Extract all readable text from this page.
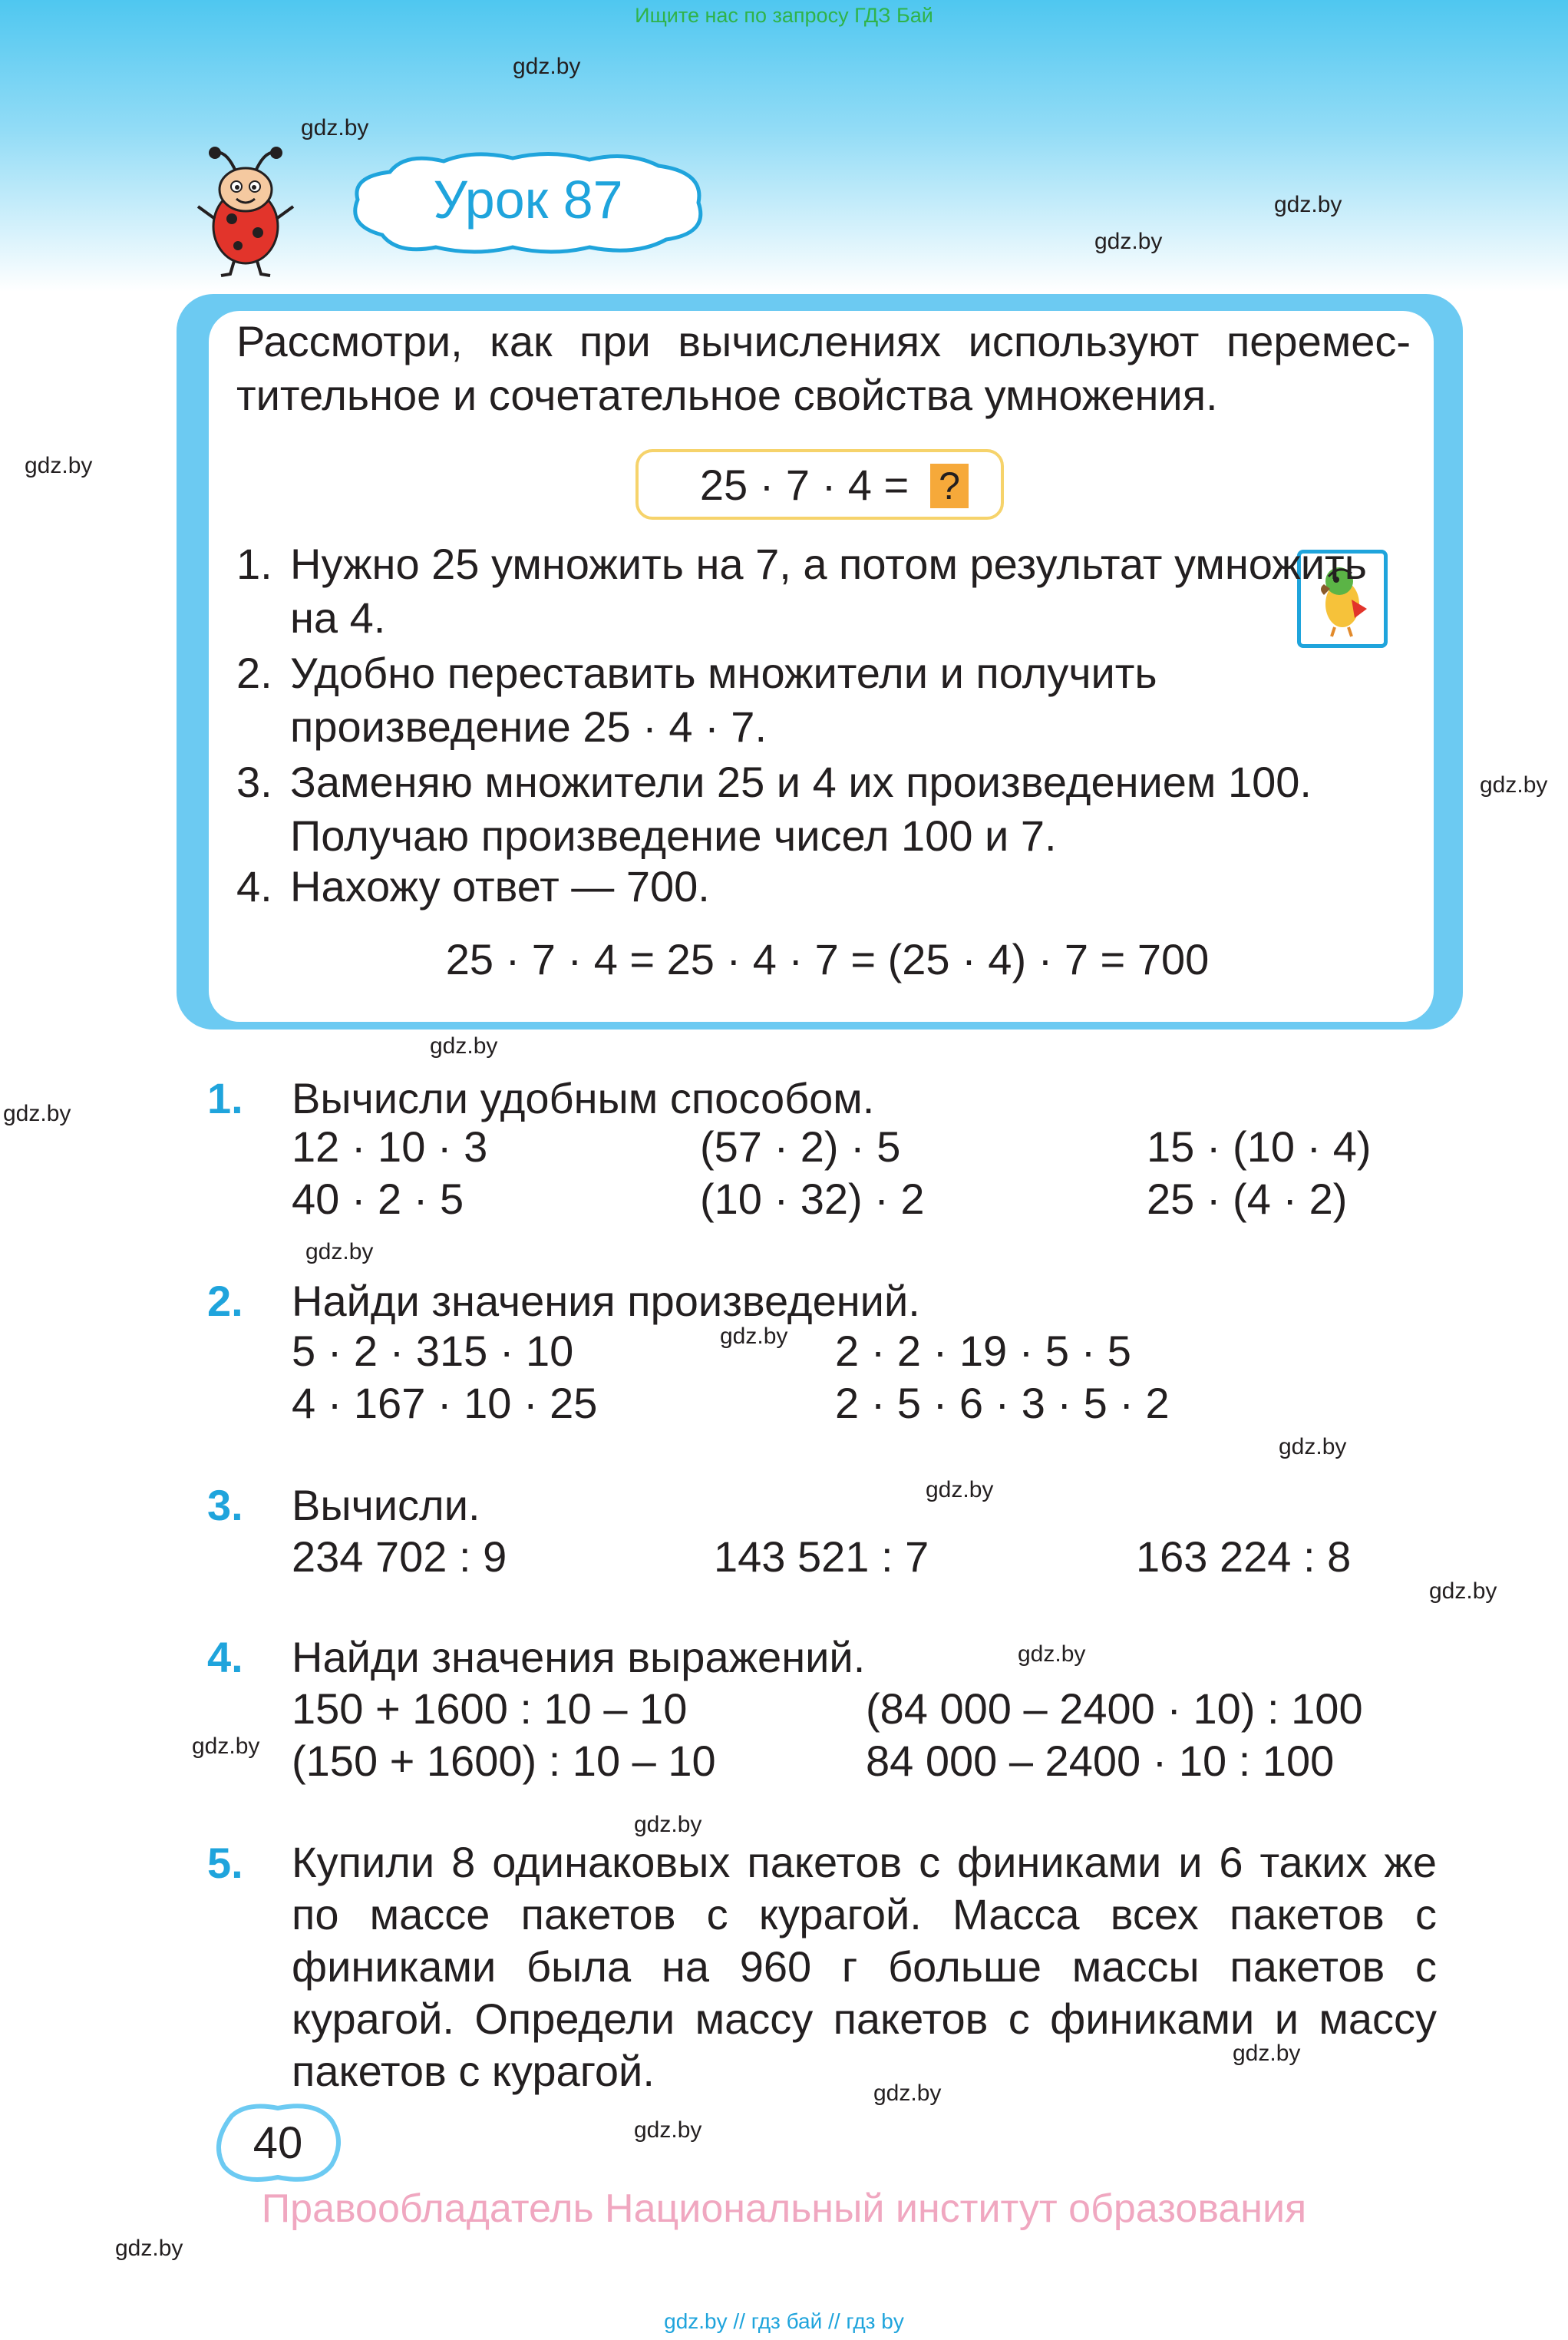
Ищите нас по запросу ГДЗ Бай
gdz.by
gdz.by
gdz.by
gdz.by
gdz.by
gdz.by
gdz.by
gdz.by
gdz.by
gdz.by
gdz.by
gdz.by
gdz.by
gdz.by
gdz.by
gdz.by
gdz.by
gdz.by
gdz.by
gdz.by
Урок 87
Рассмотри, как при вычислениях используют перемес-тительное и сочетательное свойства умножения.
25 · 7 · 4 = ?
1. Нужно 25 умножить на 7, а потом результат умножить на 4.
2. Удобно переставить множители и получить произведение 25 · 4 · 7.
3. Заменяю множители 25 и 4 их произведением 100. Получаю произведение чисел 100 и 7.
4. Нахожу ответ — 700.
25 · 7 · 4 = 25 · 4 · 7 = (25 · 4) · 7 = 700
1. Вычисли удобным способом.
12 · 10 · 3	(57 · 2) · 5	15 · (10 · 4)
40 · 2 · 5	(10 · 32) · 2	25 · (4 · 2)
2. Найди значения произведений.
5 · 2 · 315 · 10	2 · 2 · 19 · 5 · 5
4 · 167 · 10 · 25	2 · 5 · 6 · 3 · 5 · 2
3. Вычисли.
234 702 : 9	143 521 : 7	163 224 : 8
4. Найди значения выражений.
150 + 1600 : 10 – 10	(84 000 – 2400 · 10) : 100
(150 + 1600) : 10 – 10	84 000 – 2400 · 10 : 100
5. Купили 8 одинаковых пакетов с финиками и 6 таких же по массе пакетов с курагой. Масса всех пакетов с финиками была на 960 г больше массы пакетов с курагой. Определи массу пакетов с финиками и массу пакетов с курагой.
40
Правообладатель Национальный институт образования
gdz.by // гдз бай // гдз by
